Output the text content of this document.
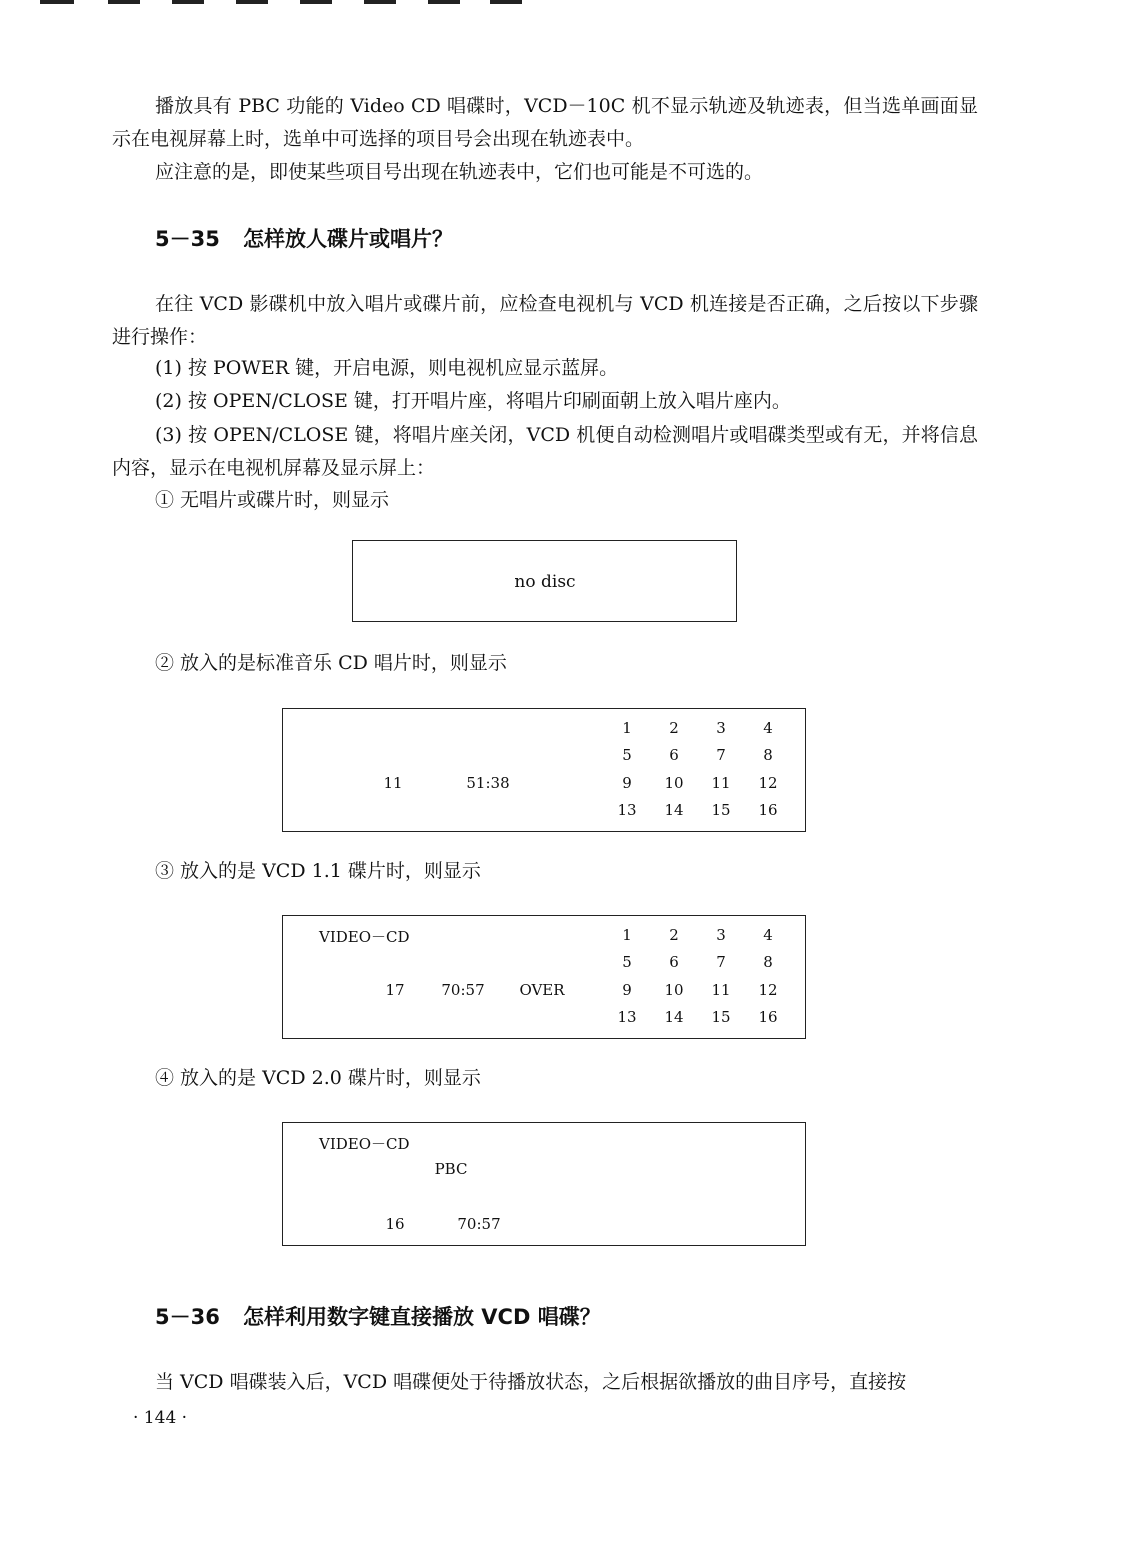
播放具有 PBC 功能的 Video CD 唱碟时，VCD－10C 机不显示轨迹及轨迹表，但当选单画面显示在电视屏幕上时，选单中可选择的项目号会出现在轨迹表中。

应注意的是，即使某些项目号出现在轨迹表中，它们也可能是不可选的。

5－35 怎样放人碟片或唱片？

在往 VCD 影碟机中放入唱片或碟片前，应检查电视机与 VCD 机连接是否正确，之后按以下步骤进行操作：

(1) 按 POWER 键，开启电源，则电视机应显示蓝屏。

(2) 按 OPEN/CLOSE 键，打开唱片座，将唱片印刷面朝上放入唱片座内。

(3) 按 OPEN/CLOSE 键，将唱片座关闭，VCD 机便自动检测唱片或唱碟类型或有无，并将信息内容，显示在电视机屏幕及显示屏上：

① 无唱片或碟片时，则显示

no disc

② 放入的是标准音乐 CD 唱片时，则显示

11	51:38
1 2 3 4
5 6 7 8
9 10 11 12
13 14 15 16

③ 放入的是 VCD 1.1 碟片时，则显示

VIDEO－CD
17 70:57 OVER
1 2 3 4
5 6 7 8
9 10 11 12
13 14 15 16

④ 放入的是 VCD 2.0 碟片时，则显示

VIDEO－CD
PBC
16	70:57
5－36 怎样利用数字键直接播放 VCD 唱碟？

当 VCD 唱碟装入后，VCD 唱碟便处于待播放状态，之后根据欲播放的曲目序号，直接按

· 144 ·
